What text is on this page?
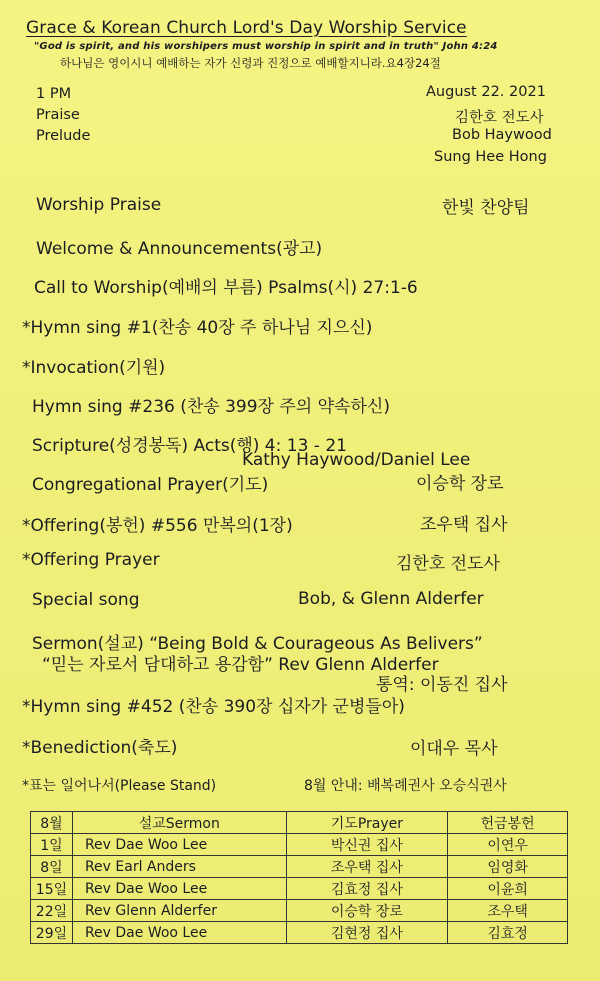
Grace & Korean Church Lord's Day Worship Service
"God is spirit, and his worshipers must worship in spirit and in truth" John 4:24
하나님은 영이시니 예배하는 자가 신령과 진정으로 예배할지니라.요4장24절
1 PM
Praise
Prelude
August 22. 2021
김한호 전도사
Bob Haywood
Sung Hee Hong
Worship Praise	한빛 찬양팀
Welcome & Announcements(광고)
Call to Worship(예배의 부름) Psalms(시) 27:1-6
*Hymn sing #1(찬송 40장 주 하나님 지으신)
*Invocation(기원)
Hymn sing #236 (찬송 399장 주의 약속하신)
Scripture(성경봉독) Acts(행) 4: 13 - 21
Kathy Haywood/Daniel Lee
Congregational Prayer(기도)	이승학 장로
*Offering(봉헌) #556 만복의(1장)	조우택 집사
*Offering Prayer	김한호 전도사
Special song	Bob, & Glenn Alderfer
Sermon(설교) “Being Bold & Courageous As Belivers”
“믿는 자로서 담대하고 용감함” Rev Glenn Alderfer
통역: 이동진 집사
*Hymn sing #452 (찬송 390장 십자가 군병들아)
*Benediction(축도)	이대우 목사
*표는 일어나서(Please Stand)	8월 안내: 배복례권사 오승식권사
8월	설교Sermon	기도Prayer	헌금봉헌
1일	Rev Dae Woo Lee	박신권 집사	이연우
8일	Rev Earl Anders	조우택 집사	임영화
15일	Rev Dae Woo Lee	김효정 집사	이윤희
22일	Rev Glenn Alderfer	이승학 장로	조우택
29일	Rev Dae Woo Lee	김현정 집사	김효정
